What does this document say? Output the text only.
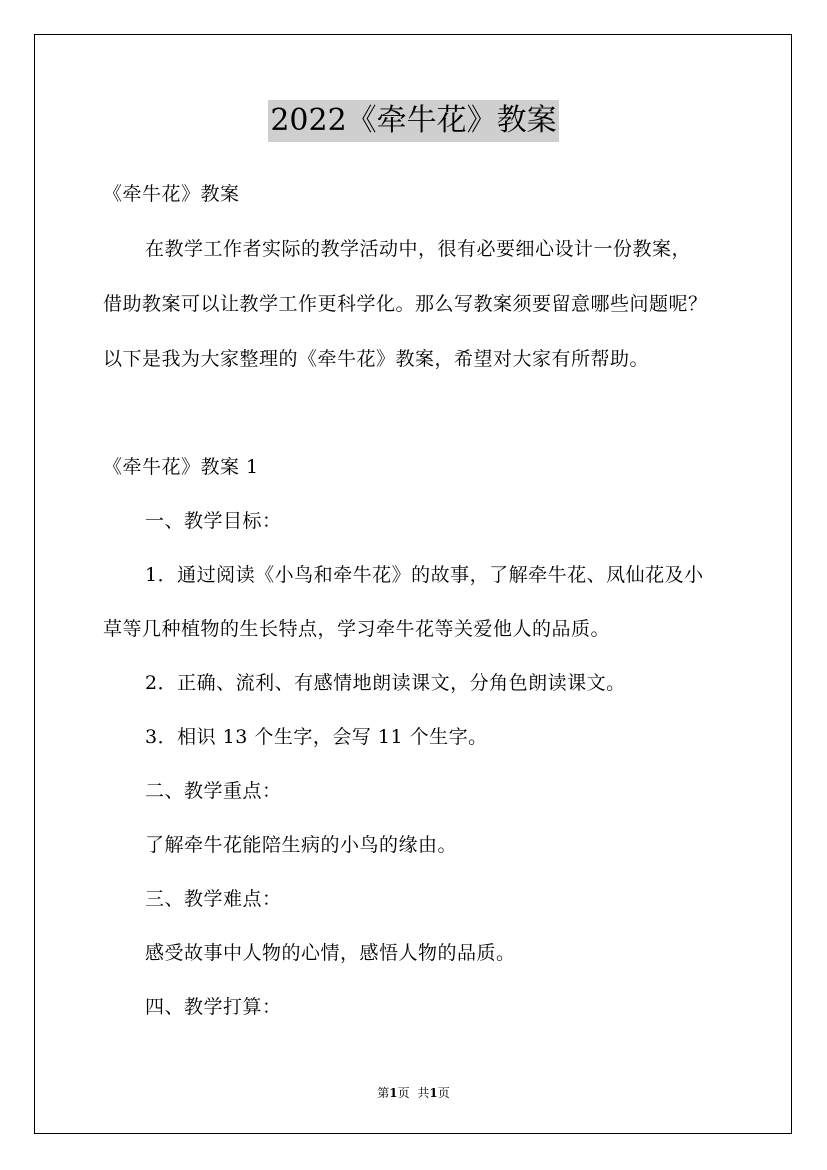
2022《牵牛花》教案
《牵牛花》教案
在教学工作者实际的教学活动中，很有必要细心设计一份教案，
借助教案可以让教学工作更科学化。那么写教案须要留意哪些问题呢？
以下是我为大家整理的《牵牛花》教案，希望对大家有所帮助。
《牵牛花》教案 1
一、教学目标：
1．通过阅读《小鸟和牵牛花》的故事，了解牵牛花、凤仙花及小
草等几种植物的生长特点，学习牵牛花等关爱他人的品质。
2．正确、流利、有感情地朗读课文，分角色朗读课文。
3．相识 13 个生字，会写 11 个生字。
二、教学重点：
了解牵牛花能陪生病的小鸟的缘由。
三、教学难点：
感受故事中人物的心情，感悟人物的品质。
四、教学打算：
第1页 共1页
